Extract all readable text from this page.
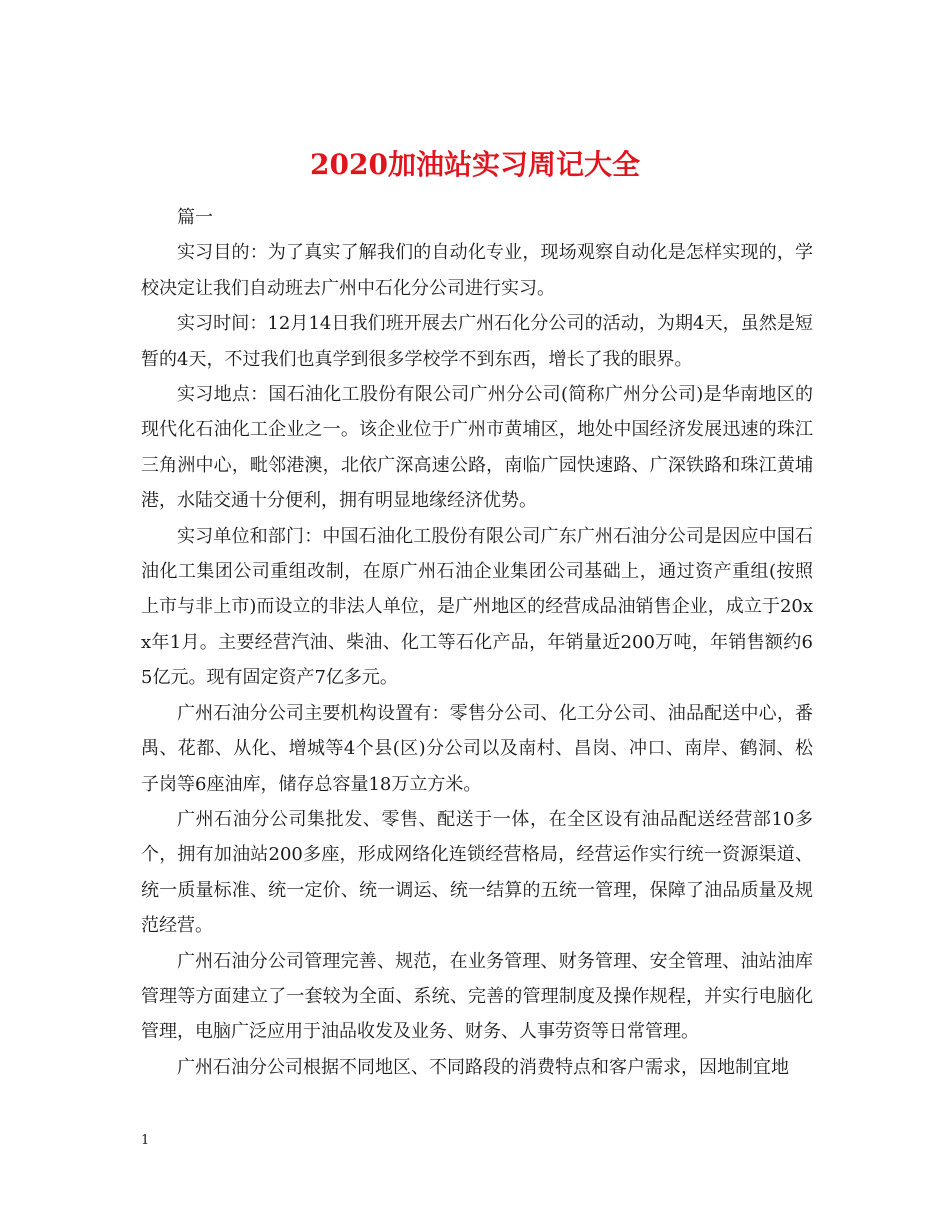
2020加油站实习周记大全

篇一

实习目的：为了真实了解我们的自动化专业，现场观察自动化是怎样实现的，学校决定让我们自动班去广州中石化分公司进行实习。

实习时间：12月14日我们班开展去广州石化分公司的活动，为期4天，虽然是短暂的4天，不过我们也真学到很多学校学不到东西，增长了我的眼界。

实习地点：国石油化工股份有限公司广州分公司(简称广州分公司)是华南地区的现代化石油化工企业之一。该企业位于广州市黄埔区，地处中国经济发展迅速的珠江三角洲中心，毗邻港澳，北依广深高速公路，南临广园快速路、广深铁路和珠江黄埔港，水陆交通十分便利，拥有明显地缘经济优势。

实习单位和部门：中国石油化工股份有限公司广东广州石油分公司是因应中国石油化工集团公司重组改制，在原广州石油企业集团公司基础上，通过资产重组(按照上市与非上市)而设立的非法人单位，是广州地区的经营成品油销售企业，成立于20xx年1月。主要经营汽油、柴油、化工等石化产品，年销量近200万吨，年销售额约65亿元。现有固定资产7亿多元。

广州石油分公司主要机构设置有：零售分公司、化工分公司、油品配送中心，番禺、花都、从化、增城等4个县(区)分公司以及南村、昌岗、冲口、南岸、鹤洞、松子岗等6座油库，储存总容量18万立方米。

广州石油分公司集批发、零售、配送于一体，在全区设有油品配送经营部10多个，拥有加油站200多座，形成网络化连锁经营格局，经营运作实行统一资源渠道、统一质量标准、统一定价、统一调运、统一结算的五统一管理，保障了油品质量及规范经营。

广州石油分公司管理完善、规范，在业务管理、财务管理、安全管理、油站油库管理等方面建立了一套较为全面、系统、完善的管理制度及操作规程，并实行电脑化管理，电脑广泛应用于油品收发及业务、财务、人事劳资等日常管理。

广州石油分公司根据不同地区、不同路段的消费特点和客户需求，因地制宜地

1
